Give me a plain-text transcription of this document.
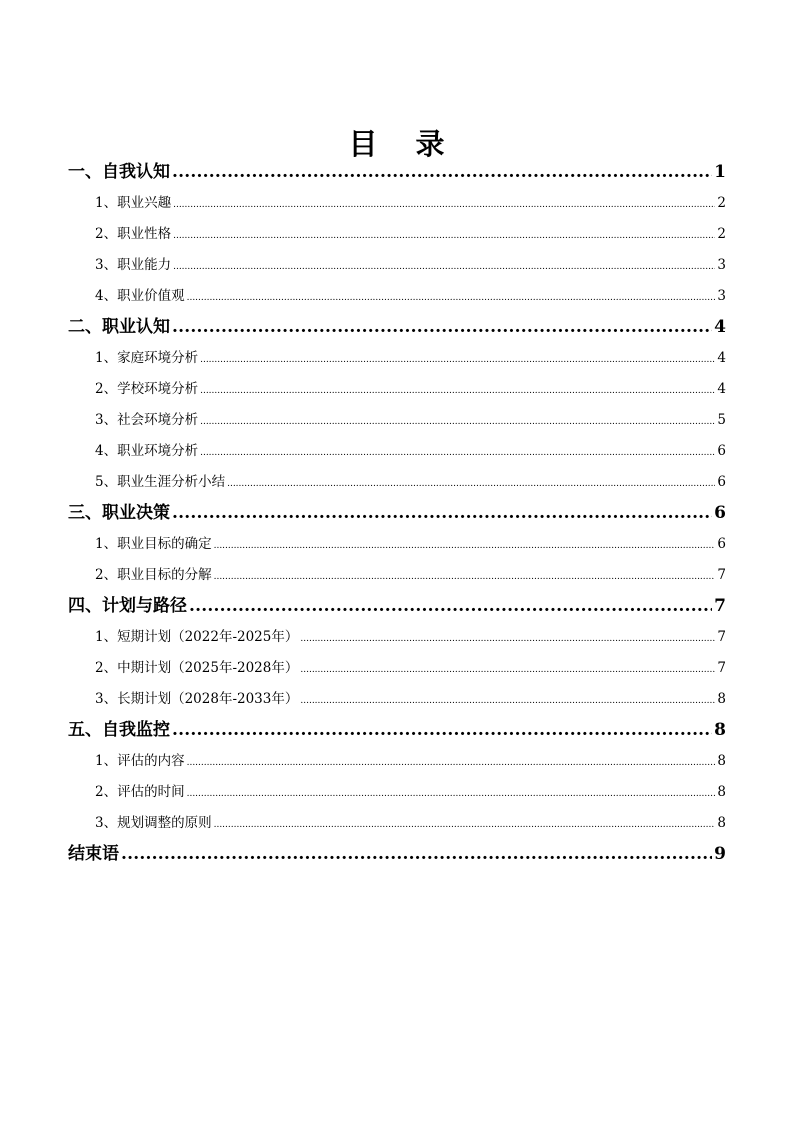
目 录
一、自我认知 .....	1
1、职业兴趣 .....	2
2、职业性格 .....	2
3、职业能力 .....	3
4、职业价值观 .....	3
二、职业认知 .....	4
1、家庭环境分析 .....	4
2、学校环境分析 .....	4
3、社会环境分析 .....	5
4、职业环境分析 .....	6
5、职业生涯分析小结 .....	6
三、职业决策 .....	6
1、职业目标的确定 .....	6
2、职业目标的分解 .....	7
四、计划与路径 .....	7
1、短期计划（2022年-2025年） .....	7
2、中期计划（2025年-2028年） .....	7
3、长期计划（2028年-2033年） .....	8
五、自我监控 .....	8
1、评估的内容 .....	8
2、评估的时间 .....	8
3、规划调整的原则 .....	8
结束语 .....	9
